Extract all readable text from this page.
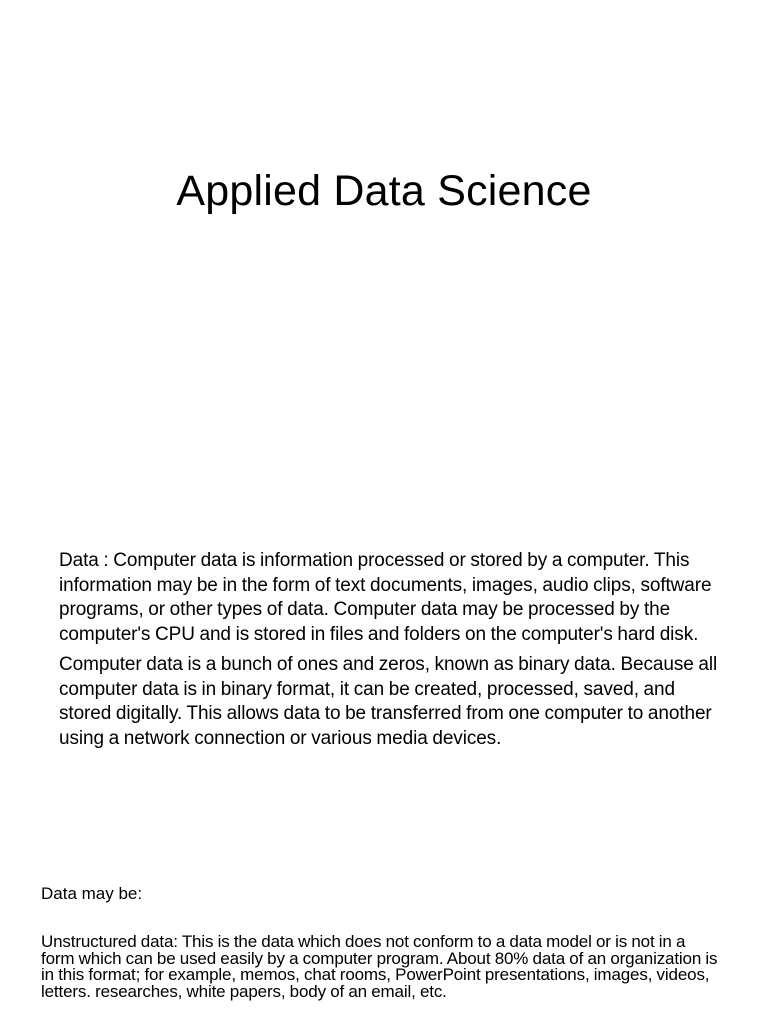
Applied Data Science

Data : Computer data is information processed or stored by a computer. This information may be in the form of text documents, images, audio clips, software programs, or other types of data. Computer data may be processed by the computer's CPU and is stored in files and folders on the computer's hard disk.

Computer data is a bunch of ones and zeros, known as binary data. Because all computer data is in binary format, it can be created, processed, saved, and stored digitally. This allows data to be transferred from one computer to another using a network connection or various media devices.

Data may be:

Unstructured data: This is the data which does not conform to a data model or is not in a form which can be used easily by a computer program. About 80% data of an organization is in this format; for example, memos, chat rooms, PowerPoint presentations, images, videos, letters. researches, white papers, body of an email, etc.
